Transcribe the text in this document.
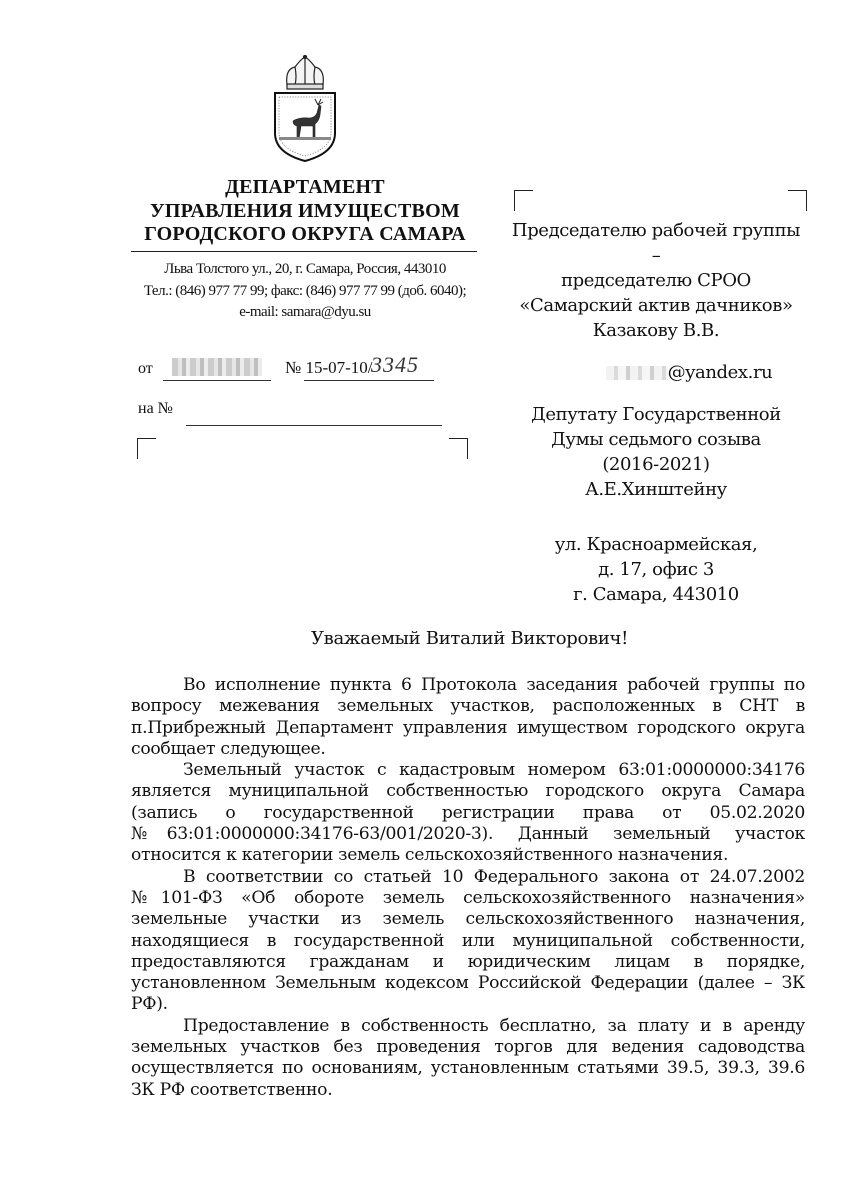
ДЕПАРТАМЕНТ
УПРАВЛЕНИЯ ИМУЩЕСТВОМ
ГОРОДСКОГО ОКРУГА САМАРА
Льва Толстого ул., 20, г. Самара, Россия, 443010
Тел.: (846) 977 77 99; факс: (846) 977 77 99 (доб. 6040);
e-mail: samara@dyu.su
от	№ 15-07-10/
3345
на №
Председателю рабочей группы –
председателю СРОО
«Самарский актив дачников»
Казакову В.В.
@yandex.ru
Депутату Государственной
Думы седьмого созыва
(2016-2021)
А.Е.Хинштейну
ул. Красноармейская,
д. 17, офис 3
г. Самара, 443010
Уважаемый Виталий Викторович!

Во исполнение пункта 6 Протокола заседания рабочей группы по вопросу межевания земельных участков, расположенных в СНТ в п.Прибрежный Департамент управления имуществом городского округа сообщает следующее.

Земельный участок с кадастровым номером 63:01:0000000:34176 является муниципальной собственностью городского округа Самара (запись о государственной регистрации права от 05.02.2020 №63:01:0000000:34176-63/001/2020-3). Данный земельный участок относится к категории земель сельскохозяйственного назначения.

В соответствии со статьей 10 Федерального закона от 24.07.2002 №101-ФЗ «Об обороте земель сельскохозяйственного назначения» земельные участки из земель сельскохозяйственного назначения, находящиеся в государственной или муниципальной собственности, предоставляются гражданам и юридическим лицам в порядке, установленном Земельным кодексом Российской Федерации (далее – ЗК РФ).

Предоставление в собственность бесплатно, за плату и в аренду земельных участков без проведения торгов для ведения садоводства осуществляется по основаниям, установленным статьями 39.5, 39.3, 39.6 ЗК РФ соответственно.
